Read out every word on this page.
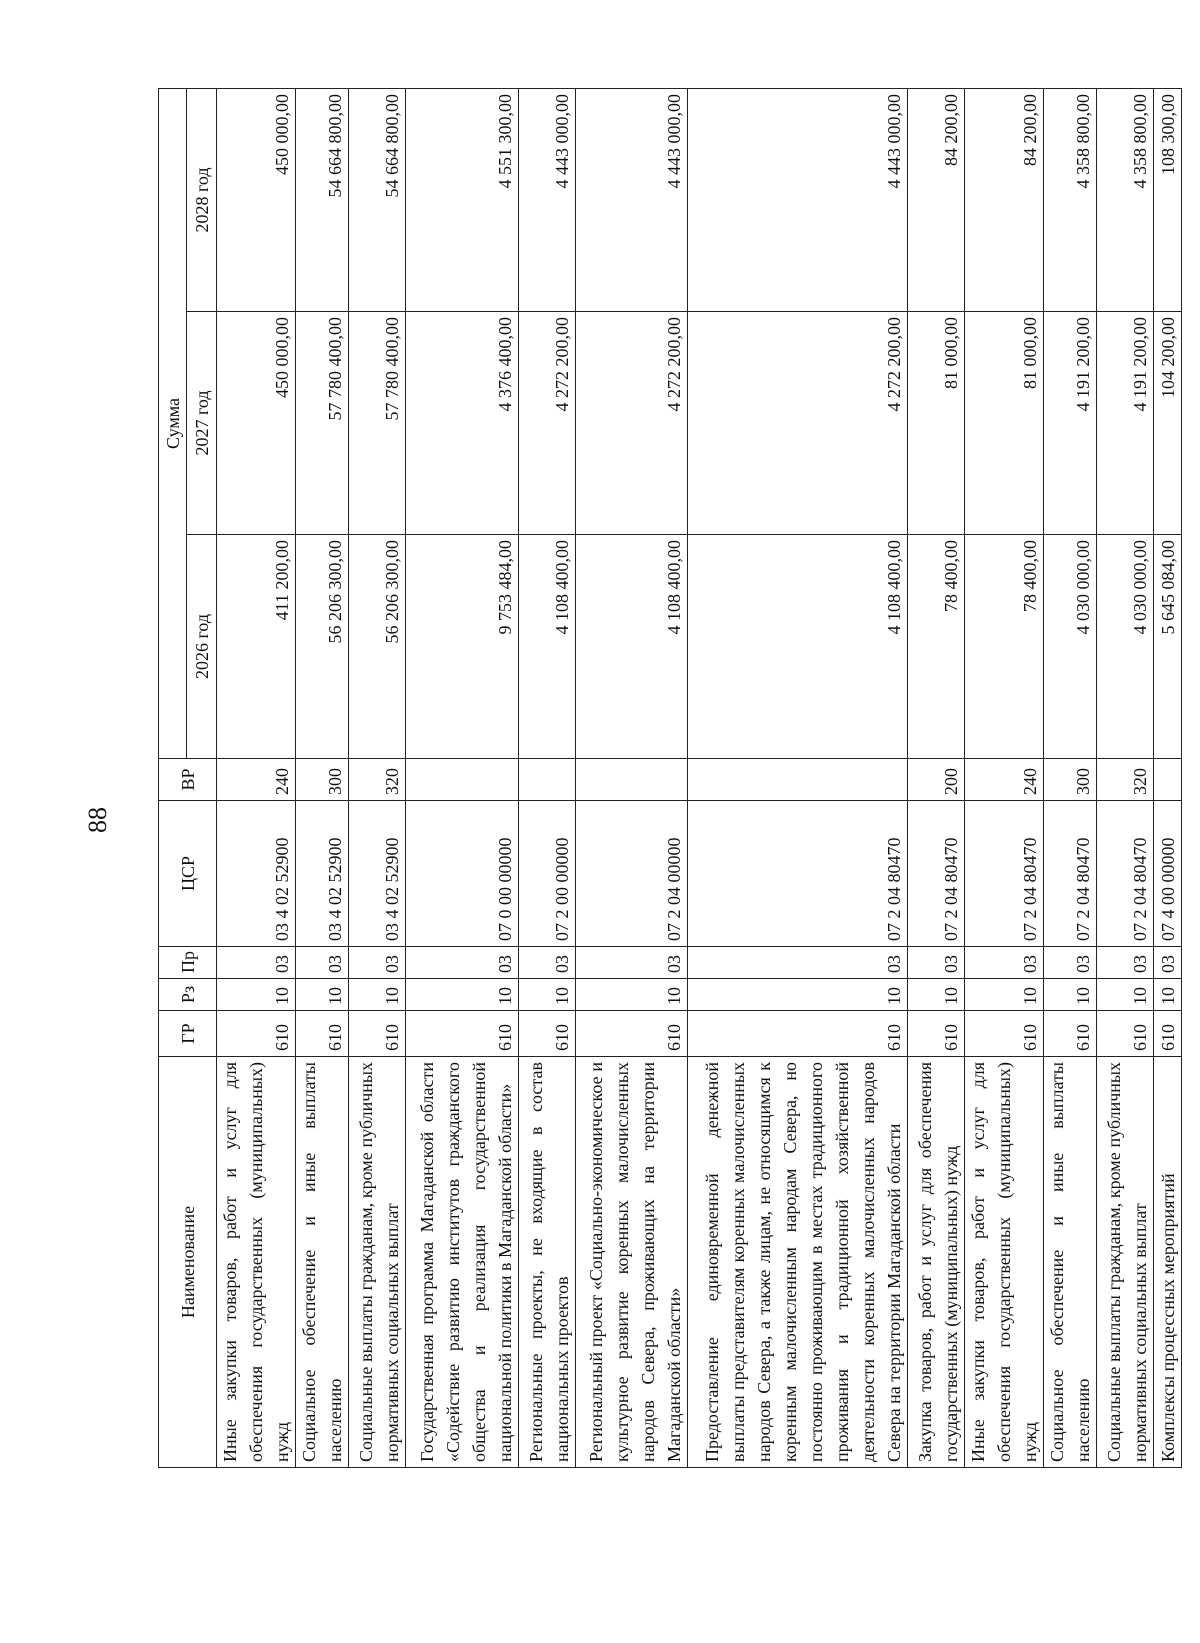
88
Наименование	ГР	Рз	Пр	ЦСР	ВР	Сумма		
						2026 год	2027 год	2028 год
Иные закупки товаров, работ и услуг для обеспечения государственных (муниципальных) нужд	610	10	03	03 4 02 52900	240	411 200,00	450 000,00	450 000,00
Социальное обеспечение и иные выплаты населению	610	10	03	03 4 02 52900	300	56 206 300,00	57 780 400,00	54 664 800,00
Социальные выплаты гражданам, кроме публичных нормативных социальных выплат	610	10	03	03 4 02 52900	320	56 206 300,00	57 780 400,00	54 664 800,00
Государственная программа Магаданской области «Содействие развитию институтов гражданского общества и реализация государственной национальной политики в Магаданской области»	610	10	03	07 0 00 00000		9 753 484,00	4 376 400,00	4 551 300,00
Региональные проекты, не входящие в состав национальных проектов	610	10	03	07 2 00 00000		4 108 400,00	4 272 200,00	4 443 000,00
Региональный проект «Социально-экономическое и культурное развитие коренных малочисленных народов Севера, проживающих на территории Магаданской области»	610	10	03	07 2 04 00000		4 108 400,00	4 272 200,00	4 443 000,00
Предоставление единовременной денежной выплаты представителям коренных малочисленных народов Севера, а также лицам, не относящимся к коренным малочисленным народам Севера, но постоянно проживающим в местах традиционного проживания и традиционной хозяйственной деятельности коренных малочисленных народов Севера на территории Магаданской области	610	10	03	07 2 04 80470		4 108 400,00	4 272 200,00	4 443 000,00
Закупка товаров, работ и услуг для обеспечения государственных (муниципальных) нужд	610	10	03	07 2 04 80470	200	78 400,00	81 000,00	84 200,00
Иные закупки товаров, работ и услуг для обеспечения государственных (муниципальных) нужд	610	10	03	07 2 04 80470	240	78 400,00	81 000,00	84 200,00
Социальное обеспечение и иные выплаты населению	610	10	03	07 2 04 80470	300	4 030 000,00	4 191 200,00	4 358 800,00
Социальные выплаты гражданам, кроме публичных нормативных социальных выплат	610	10	03	07 2 04 80470	320	4 030 000,00	4 191 200,00	4 358 800,00
Комплексы процессных мероприятий	610	10	03	07 4 00 00000		5 645 084,00	104 200,00	108 300,00
